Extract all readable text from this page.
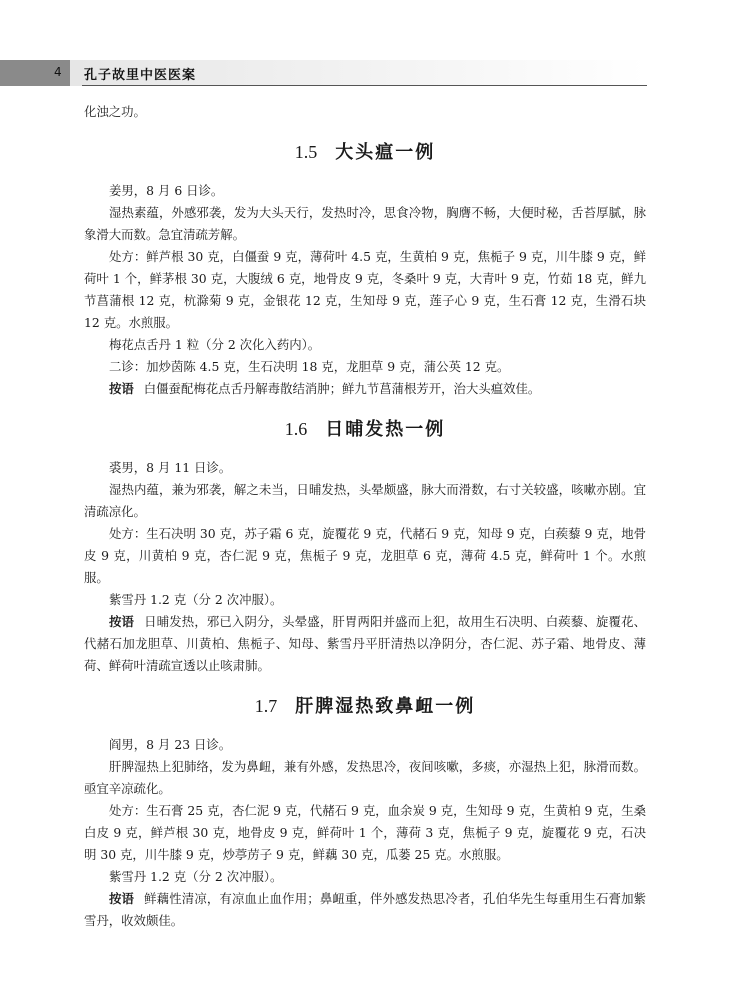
4 孔子故里中医医案

化浊之功。

1.5 大头瘟一例

姜男，8 月 6 日诊。

湿热素蕴，外感邪袭，发为大头天行，发热时冷，思食冷物，胸膺不畅，大便时秘，舌苔厚腻，脉象滑大而数。急宜清疏芳解。

处方：鲜芦根 30 克，白僵蚕 9 克，薄荷叶 4.5 克，生黄柏 9 克，焦栀子 9 克，川牛膝 9 克，鲜荷叶 1 个，鲜茅根 30 克，大腹绒 6 克，地骨皮 9 克，冬桑叶 9 克，大青叶 9 克，竹茹 18 克，鲜九节菖蒲根 12 克，杭滁菊 9 克，金银花 12 克，生知母 9 克，莲子心 9 克，生石膏 12 克，生滑石块 12 克。水煎服。

梅花点舌丹 1 粒（分 2 次化入药内）。

二诊：加炒茵陈 4.5 克，生石决明 18 克，龙胆草 9 克，蒲公英 12 克。

按语 白僵蚕配梅花点舌丹解毒散结消肿；鲜九节菖蒲根芳开，治大头瘟效佳。

1.6 日晡发热一例

裘男，8 月 11 日诊。

湿热内蕴，兼为邪袭，解之未当，日晡发热，头晕颇盛，脉大而滑数，右寸关较盛，咳嗽亦剧。宜清疏凉化。

处方：生石决明 30 克，苏子霜 6 克，旋覆花 9 克，代赭石 9 克，知母 9 克，白蒺藜 9 克，地骨皮 9 克，川黄柏 9 克，杏仁泥 9 克，焦栀子 9 克，龙胆草 6 克，薄荷 4.5 克，鲜荷叶 1 个。水煎服。

紫雪丹 1.2 克（分 2 次冲服）。

按语 日晡发热，邪已入阴分，头晕盛，肝胃两阳并盛而上犯，故用生石决明、白蒺藜、旋覆花、代赭石加龙胆草、川黄柏、焦栀子、知母、紫雪丹平肝清热以净阴分，杏仁泥、苏子霜、地骨皮、薄荷、鲜荷叶清疏宣透以止咳肃肺。

1.7 肝脾湿热致鼻衄一例

阎男，8 月 23 日诊。

肝脾湿热上犯肺络，发为鼻衄，兼有外感，发热思冷，夜间咳嗽，多痰，亦湿热上犯，脉滑而数。亟宜辛凉疏化。

处方：生石膏 25 克，杏仁泥 9 克，代赭石 9 克，血余炭 9 克，生知母 9 克，生黄柏 9 克，生桑白皮 9 克，鲜芦根 30 克，地骨皮 9 克，鲜荷叶 1 个，薄荷 3 克，焦栀子 9 克，旋覆花 9 克，石决明 30 克，川牛膝 9 克，炒葶苈子 9 克，鲜藕 30 克，瓜蒌 25 克。水煎服。

紫雪丹 1.2 克（分 2 次冲服）。

按语 鲜藕性清凉，有凉血止血作用；鼻衄重，伴外感发热思冷者，孔伯华先生每重用生石膏加紫雪丹，收效颇佳。
